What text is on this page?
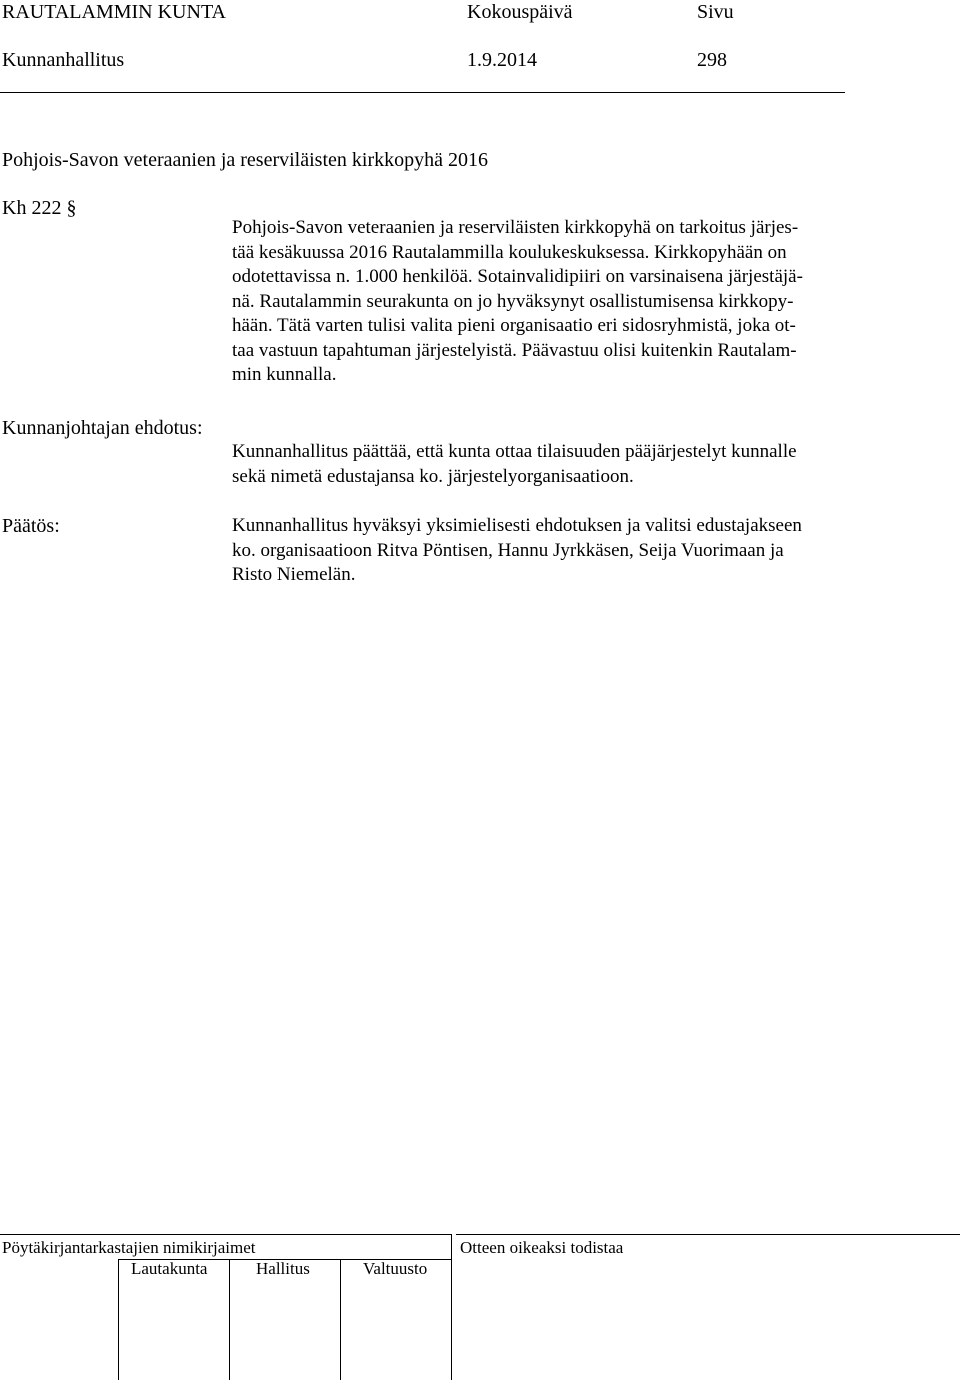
RAUTALAMMIN KUNTA	Kokouspäivä	Sivu
Kunnanhallitus	1.9.2014	298
Pohjois-Savon veteraanien ja reserviläisten kirkkopyhä 2016
Kh 222 §
Pohjois-Savon veteraanien ja reserviläisten kirkkopyhä on tarkoitus järjes-
tää kesäkuussa 2016 Rautalammilla koulukeskuksessa. Kirkkopyhään on
odotettavissa n. 1.000 henkilöä. Sotainvalidipiiri on varsinaisena järjestäjä-
nä. Rautalammin seurakunta on jo hyväksynyt osallistumisensa kirkkopy-
hään. Tätä varten tulisi valita pieni organisaatio eri sidosryhmistä, joka ot-
taa vastuun tapahtuman järjestelyistä. Päävastuu olisi kuitenkin Rautalam-
min kunnalla.
Kunnanjohtajan ehdotus:
Kunnanhallitus päättää, että kunta ottaa tilaisuuden pääjärjestelyt kunnalle
sekä nimetä edustajansa ko. järjestelyorganisaatioon.
Päätös:	Kunnanhallitus hyväksyi yksimielisesti ehdotuksen ja valitsi edustajakseen
ko. organisaatioon Ritva Pöntisen, Hannu Jyrkkäsen, Seija Vuorimaan ja
Risto Niemelän.
Pöytäkirjantarkastajien nimikirjaimet	Otteen oikeaksi todistaa
Lautakunta	Hallitus	Valtuusto
